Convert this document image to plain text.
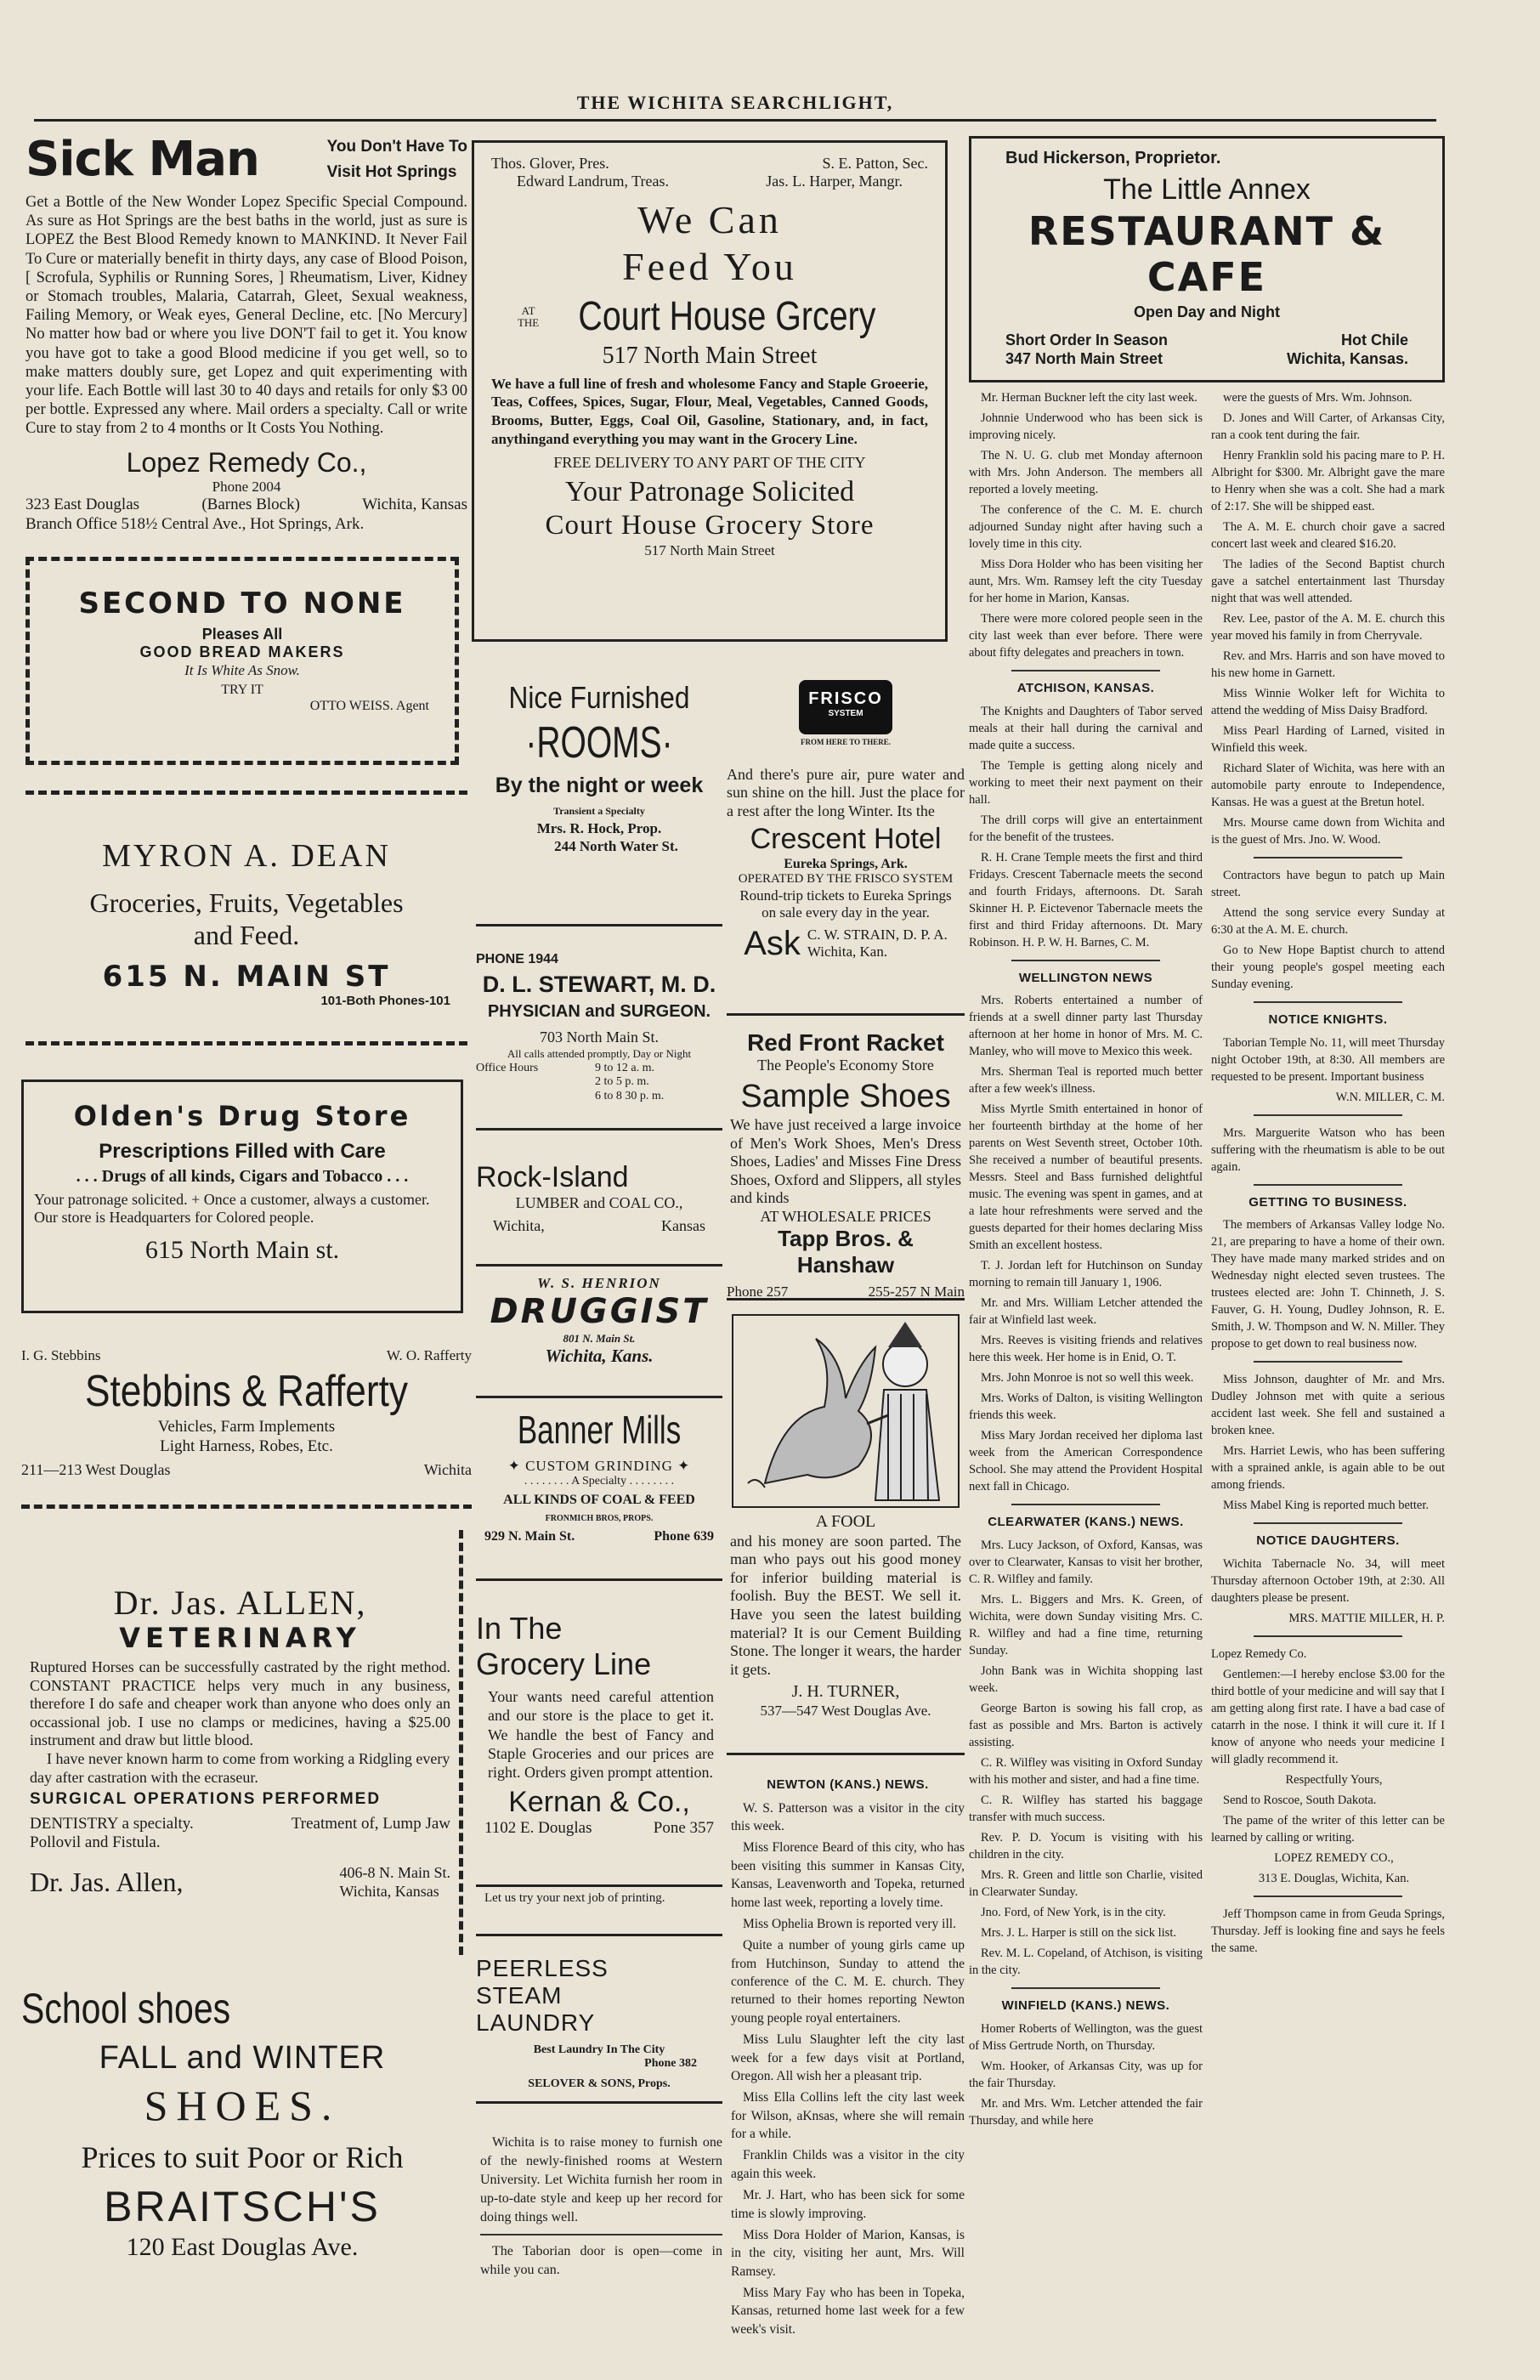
THE WICHITA SEARCHLIGHT,
Sick Man	You Don't Have To
Visit Hot Springs
Get a Bottle of the New Wonder Lopez Specific Special Compound. As sure as Hot Springs are the best baths in the world, just as sure is LOPEZ the Best Blood Remedy known to MANKIND. It Never Fail To Cure or materially benefit in thirty days, any case of Blood Poison, [ Scrofula, Syphilis or Running Sores, ] Rheumatism, Liver, Kidney or Stomach troubles, Malaria, Catarrah, Gleet, Sexual weakness, Failing Memory, or Weak eyes, General Decline, etc. [No Mercury] No matter how bad or where you live DON'T fail to get it. You know you have got to take a good Blood medicine if you get well, so to make matters doubly sure, get Lopez and quit experimenting with your life. Each Bottle will last 30 to 40 days and retails for only $3 00 per bottle. Expressed any where. Mail orders a specialty. Call or write Cure to stay from 2 to 4 months or It Costs You Nothing.
Lopez Remedy Co.,
Phone 2004
323 East Douglas	(Barnes Block)	Wichita, Kansas
Branch Office 518½ Central Ave., Hot Springs, Ark.
SECOND TO NONE
Pleases All
GOOD BREAD MAKERS
It Is White As Snow.
TRY IT
OTTO WEISS. Agent
MYRON A. DEAN
Groceries, Fruits, Vegetables
and Feed.
615 N. MAIN ST
101-Both Phones-101
Olden's Drug Store
Prescriptions Filled with Care
. . . Drugs of all kinds, Cigars and Tobacco . . .
Your patronage solicited. + Once a customer, always a customer. Our store is Headquarters for Colored people.
615 North Main st.
I. G. Stebbins	W. O. Rafferty
Stebbins & Rafferty
Vehicles, Farm Implements
Light Harness, Robes, Etc.
211—213 West Douglas	Wichita
Dr. Jas. ALLEN,
VETERINARY
Ruptured Horses can be successfully castrated by the right method. CONSTANT PRACTICE helps very much in any business, therefore I do safe and cheaper work than anyone who does only an occassional job. I use no clamps or medicines, having a $25.00 instrument and draw but little blood.
I have never known harm to come from working a Ridgling every day after castration with the ecraseur.
SURGICAL OPERATIONS PERFORMED
DENTISTRY a specialty.	Treatment of, Lump Jaw
Pollovil and Fistula.
Dr. Jas. Allen,	406-8 N. Main St.
Wichita, Kansas
School shoes
FALL and WINTER
SHOES.
Prices to suit Poor or Rich
BRAITSCH'S
120 East Douglas Ave.
Thos. Glover, Pres.	S. E. Patton, Sec.
Edward Landrum, Treas.	Jas. L. Harper, Mangr.
We Can
Feed You
AT THE Court House Grcery
517 North Main Street
We have a full line of fresh and wholesome Fancy and Staple Groeerie, Teas, Coffees, Spices, Sugar, Flour, Meal, Vegetables, Canned Goods, Brooms, Butter, Eggs, Coal Oil, Gasoline, Stationary, and, in fact, anythingand everything you may want in the Grocery Line.
FREE DELIVERY TO ANY PART OF THE CITY
Your Patronage Solicited
Court House Grocery Store
517 North Main Street
Nice Furnished
·ROOMS·
By the night or week
Transient a Specialty
Mrs. R. Hock, Prop.
244 North Water St.
PHONE 1944
D. L. STEWART, M. D.
PHYSICIAN and SURGEON.
703 North Main St.
All calls attended promptly, Day or Night
Office Hours	9 to 12 a. m.
2 to 5 p. m.
6 to 8 30 p. m.
Rock-Island
LUMBER and COAL CO.,
Wichita,	Kansas
W. S. HENRION
DRUGGIST
801 N. Main St.
Wichita, Kans.
Banner Mills
✦ CUSTOM GRINDING ✦
. . . . . . . . A Specialty . . . . . . . .
ALL KINDS OF COAL & FEED
FRONMICH BROS, PROPS.
929 N. Main St.	Phone 639
In The
Grocery Line
Your wants need careful attention and our store is the place to get it. We handle the best of Fancy and Staple Groceries and our prices are right. Orders given prompt attention.
Kernan & Co.,
1102 E. Douglas	Pone 357
Let us try your next job of printing.
PEERLESS
STEAM
LAUNDRY
Best Laundry In The City
Phone 382
SELOVER & SONS, Props.

Wichita is to raise money to furnish one of the newly-finished rooms at Western University. Let Wichita furnish her room in up-to-date style and keep up her record for doing things well.

The Taborian door is open—come in while you can.

FRISCO
SYSTEM
FROM HERE TO THERE.
And there's pure air, pure water and sun shine on the hill. Just the place for a rest after the long Winter. Its the
Crescent Hotel
Eureka Springs, Ark.
OPERATED BY THE FRISCO SYSTEM
Round-trip tickets to Eureka Springs on sale every day in the year.
Ask C. W. STRAIN, D. P. A.
Wichita, Kan.
Red Front Racket
The People's Economy Store
Sample Shoes
We have just received a large invoice of Men's Work Shoes, Men's Dress Shoes, Ladies' and Misses Fine Dress Shoes, Oxford and Slippers, all styles and kinds
AT WHOLESALE PRICES
Tapp Bros. & Hanshaw
Phone 257	255-257 N Main
A FOOL
and his money are soon parted. The man who pays out his good money for inferior building material is foolish. Buy the BEST. We sell it. Have you seen the latest building material? It is our Cement Building Stone. The longer it wears, the harder it gets.
J. H. TURNER,
537—547 West Douglas Ave.
NEWTON (KANS.) NEWS.

W. S. Patterson was a visitor in the city this week.

Miss Florence Beard of this city, who has been visiting this summer in Kansas City, Kansas, Leavenworth and Topeka, returned home last week, reporting a lovely time.

Miss Ophelia Brown is reported very ill.

Quite a number of young girls came up from Hutchinson, Sunday to attend the conference of the C. M. E. church. They returned to their homes reporting Newton young people royal entertainers.

Miss Lulu Slaughter left the city last week for a few days visit at Portland, Oregon. All wish her a pleasant trip.

Miss Ella Collins left the city last week for Wilson, aKnsas, where she will remain for a while.

Franklin Childs was a visitor in the city again this week.

Mr. J. Hart, who has been sick for some time is slowly improving.

Miss Dora Holder of Marion, Kansas, is in the city, visiting her aunt, Mrs. Will Ramsey.

Miss Mary Fay who has been in Topeka, Kansas, returned home last week for a few week's visit.

Bud Hickerson, Proprietor.
The Little Annex
RESTAURANT & CAFE
Open Day and Night
Short Order In Season	Hot Chile
347 North Main Street	Wichita, Kansas.

Mr. Herman Buckner left the city last week.

Johnnie Underwood who has been sick is improving nicely.

The N. U. G. club met Monday afternoon with Mrs. John Anderson. The members all reported a lovely meeting.

The conference of the C. M. E. church adjourned Sunday night after having such a lovely time in this city.

Miss Dora Holder who has been visiting her aunt, Mrs. Wm. Ramsey left the city Tuesday for her home in Marion, Kansas.

There were more colored people seen in the city last week than ever before. There were about fifty delegates and preachers in town.

ATCHISON, KANSAS.

The Knights and Daughters of Tabor served meals at their hall during the carnival and made quite a success.

The Temple is getting along nicely and working to meet their next payment on their hall.

The drill corps will give an entertainment for the benefit of the trustees.

R. H. Crane Temple meets the first and third Fridays. Crescent Tabernacle meets the second and fourth Fridays, afternoons. Dt. Sarah Skinner H. P. Eictevenor Tabernacle meets the first and third Friday afternoons. Dt. Mary Robinson. H. P. W. H. Barnes, C. M.

WELLINGTON NEWS

Mrs. Roberts entertained a number of friends at a swell dinner party last Thursday afternoon at her home in honor of Mrs. M. C. Manley, who will move to Mexico this week.

Mrs. Sherman Teal is reported much better after a few week's illness.

Miss Myrtle Smith entertained in honor of her fourteenth birthday at the home of her parents on West Seventh street, October 10th. She received a number of beautiful presents. Messrs. Steel and Bass furnished delightful music. The evening was spent in games, and at a late hour refreshments were served and the guests departed for their homes declaring Miss Smith an excellent hostess.

T. J. Jordan left for Hutchinson on Sunday morning to remain till January 1, 1906.

Mr. and Mrs. William Letcher attended the fair at Winfield last week.

Mrs. Reeves is visiting friends and relatives here this week. Her home is in Enid, O. T.

Mrs. John Monroe is not so well this week.

Mrs. Works of Dalton, is visiting Wellington friends this week.

Miss Mary Jordan received her diploma last week from the American Correspondence School. She may attend the Provident Hospital next fall in Chicago.

CLEARWATER (KANS.) NEWS.

Mrs. Lucy Jackson, of Oxford, Kansas, was over to Clearwater, Kansas to visit her brother, C. R. Wilfley and family.

Mrs. L. Biggers and Mrs. K. Green, of Wichita, were down Sunday visiting Mrs. C. R. Wilfley and had a fine time, returning Sunday.

John Bank was in Wichita shopping last week.

George Barton is sowing his fall crop, as fast as possible and Mrs. Barton is actively assisting.

C. R. Wilfley was visiting in Oxford Sunday with his mother and sister, and had a fine time.

C. R. Wilfley has started his baggage transfer with much success.

Rev. P. D. Yocum is visiting with his children in the city.

Mrs. R. Green and little son Charlie, visited in Clearwater Sunday.

Jno. Ford, of New York, is in the city.

Mrs. J. L. Harper is still on the sick list.

Rev. M. L. Copeland, of Atchison, is visiting in the city.

WINFIELD (KANS.) NEWS.

Homer Roberts of Wellington, was the guest of Miss Gertrude North, on Thursday.

Wm. Hooker, of Arkansas City, was up for the fair Thursday.

Mr. and Mrs. Wm. Letcher attended the fair Thursday, and while here

were the guests of Mrs. Wm. Johnson.

D. Jones and Will Carter, of Arkansas City, ran a cook tent during the fair.

Henry Franklin sold his pacing mare to P. H. Albright for $300. Mr. Albright gave the mare to Henry when she was a colt. She had a mark of 2:17. She will be shipped east.

The A. M. E. church choir gave a sacred concert last week and cleared $16.20.

The ladies of the Second Baptist church gave a satchel entertainment last Thursday night that was well attended.

Rev. Lee, pastor of the A. M. E. church this year moved his family in from Cherryvale.

Rev. and Mrs. Harris and son have moved to his new home in Garnett.

Miss Winnie Wolker left for Wichita to attend the wedding of Miss Daisy Bradford.

Miss Pearl Harding of Larned, visited in Winfield this week.

Richard Slater of Wichita, was here with an automobile party enroute to Independence, Kansas. He was a guest at the Bretun hotel.

Mrs. Mourse came down from Wichita and is the guest of Mrs. Jno. W. Wood.

Contractors have begun to patch up Main street.

Attend the song service every Sunday at 6:30 at the A. M. E. church.

Go to New Hope Baptist church to attend their young people's gospel meeting each Sunday evening.

NOTICE KNIGHTS.

Taborian Temple No. 11, will meet Thursday night October 19th, at 8:30. All members are requested to be present. Important business

W.N. MILLER, C. M.

Mrs. Marguerite Watson who has been suffering with the rheumatism is able to be out again.

GETTING TO BUSINESS.

The members of Arkansas Valley lodge No. 21, are preparing to have a home of their own. They have made many marked strides and on Wednesday night elected seven trustees. The trustees elected are: John T. Chinneth, J. S. Fauver, G. H. Young, Dudley Johnson, R. E. Smith, J. W. Thompson and W. N. Miller. They propose to get down to real business now.

Miss Johnson, daughter of Mr. and Mrs. Dudley Johnson met with quite a serious accident last week. She fell and sustained a broken knee.

Mrs. Harriet Lewis, who has been suffering with a sprained ankle, is again able to be out among friends.

Miss Mabel King is reported much better.

NOTICE DAUGHTERS.

Wichita Tabernacle No. 34, will meet Thursday afternoon October 19th, at 2:30. All daughters please be present.

MRS. MATTIE MILLER, H. P.

Lopez Remedy Co.

Gentlemen:—I hereby enclose $3.00 for the third bottle of your medicine and will say that I am getting along first rate. I have a bad case of catarrh in the nose. I think it will cure it. If I know of anyone who needs your medicine I will gladly recommend it.

Respectfully Yours,

Send to Roscoe, South Dakota.

The pame of the writer of this letter can be learned by calling or writing.

LOPEZ REMEDY CO.,

313 E. Douglas, Wichita, Kan.

Jeff Thompson came in from Geuda Springs, Thursday. Jeff is looking fine and says he feels the same.
